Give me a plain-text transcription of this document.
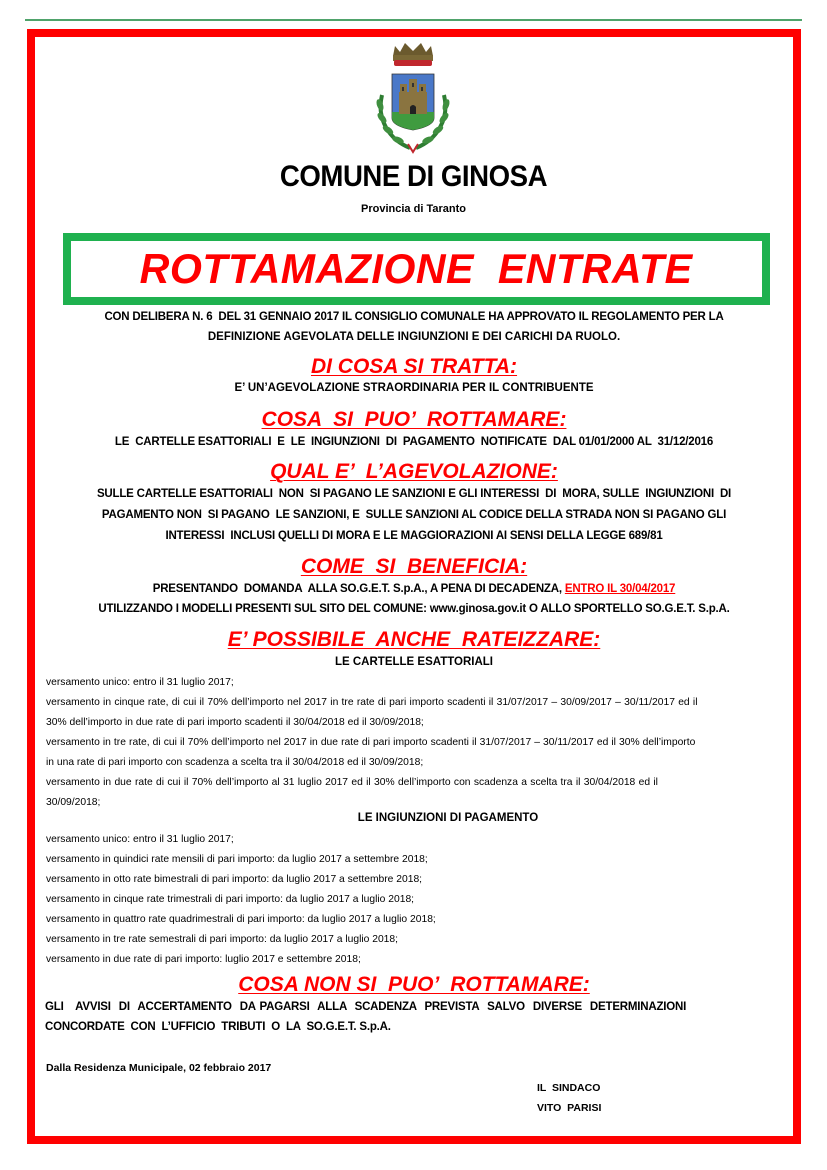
COMUNE DI GINOSA
Provincia di Taranto
ROTTAMAZIONE  ENTRATE
CON DELIBERA N. 6  DEL 31 GENNAIO 2017 IL CONSIGLIO COMUNALE HA APPROVATO IL REGOLAMENTO PER LA
DEFINIZIONE AGEVOLATA DELLE INGIUNZIONI E DEI CARICHI DA RUOLO.
DI COSA SI TRATTA:
E’ UN’AGEVOLAZIONE STRAORDINARIA PER IL CONTRIBUENTE
COSA  SI  PUO’  ROTTAMARE:
LE  CARTELLE ESATTORIALI  E  LE  INGIUNZIONI  DI  PAGAMENTO  NOTIFICATE  DAL 01/01/2000 AL  31/12/2016
QUAL E’  L’AGEVOLAZIONE:
SULLE CARTELLE ESATTORIALI  NON  SI PAGANO LE SANZIONI E GLI INTERESSI  DI  MORA, SULLE  INGIUNZIONI  DI
PAGAMENTO NON  SI PAGANO  LE SANZIONI, E  SULLE SANZIONI AL CODICE DELLA STRADA NON SI PAGANO GLI
INTERESSI  INCLUSI QUELLI DI MORA E LE MAGGIORAZIONI AI SENSI DELLA LEGGE 689/81
COME  SI  BENEFICIA:
PRESENTANDO  DOMANDA  ALLA SO.G.E.T. S.p.A., A PENA DI DECADENZA, ENTRO IL 30/04/2017
UTILIZZANDO I MODELLI PRESENTI SUL SITO DEL COMUNE: www.ginosa.gov.it O ALLO SPORTELLO SO.G.E.T. S.p.A.
E’ POSSIBILE  ANCHE  RATEIZZARE:
LE CARTELLE ESATTORIALI
versamento unico: entro il 31 luglio 2017;
versamento in cinque rate, di cui il 70% dell’importo nel 2017 in tre rate di pari importo scadenti il 31/07/2017 – 30/09/2017 – 30/11/2017 ed il
30% dell’importo in due rate di pari importo scadenti il 30/04/2018 ed il 30/09/2018;
versamento in tre rate, di cui il 70% dell’importo nel 2017 in due rate di pari importo scadenti il 31/07/2017 – 30/11/2017 ed il 30% dell’importo
in una rate di pari importo con scadenza a scelta tra il 30/04/2018 ed il 30/09/2018;
versamento  in  due  rate  di  cui  il  70%  dell’importo  al  31  luglio  2017  ed  il  30%  dell’importo  con  scadenza  a  scelta  tra  il  30/04/2018  ed  il
30/09/2018;
LE INGIUNZIONI DI PAGAMENTO
versamento unico: entro il 31 luglio 2017;
versamento in quindici rate mensili di pari importo: da luglio 2017 a settembre 2018;
versamento in otto rate bimestrali di pari importo: da luglio 2017 a settembre 2018;
versamento in cinque rate trimestrali di pari importo: da luglio 2017 a luglio 2018;
versamento in quattro rate quadrimestrali di pari importo: da luglio 2017 a luglio 2018;
versamento in tre rate semestrali di pari importo: da luglio 2017 a luglio 2018;
versamento in due rate di pari importo: luglio 2017 e settembre 2018;
COSA NON SI  PUO’  ROTTAMARE:
GLI   AVVISI  DI  ACCERTAMENTO  DA PAGARSI  ALLA  SCADENZA  PREVISTA  SALVO  DIVERSE  DETERMINAZIONI
CONCORDATE  CON  L’UFFICIO  TRIBUTI  O  LA  SO.G.E.T. S.p.A.
Dalla Residenza Municipale, 02 febbraio 2017
IL  SINDACO
VITO  PARISI
